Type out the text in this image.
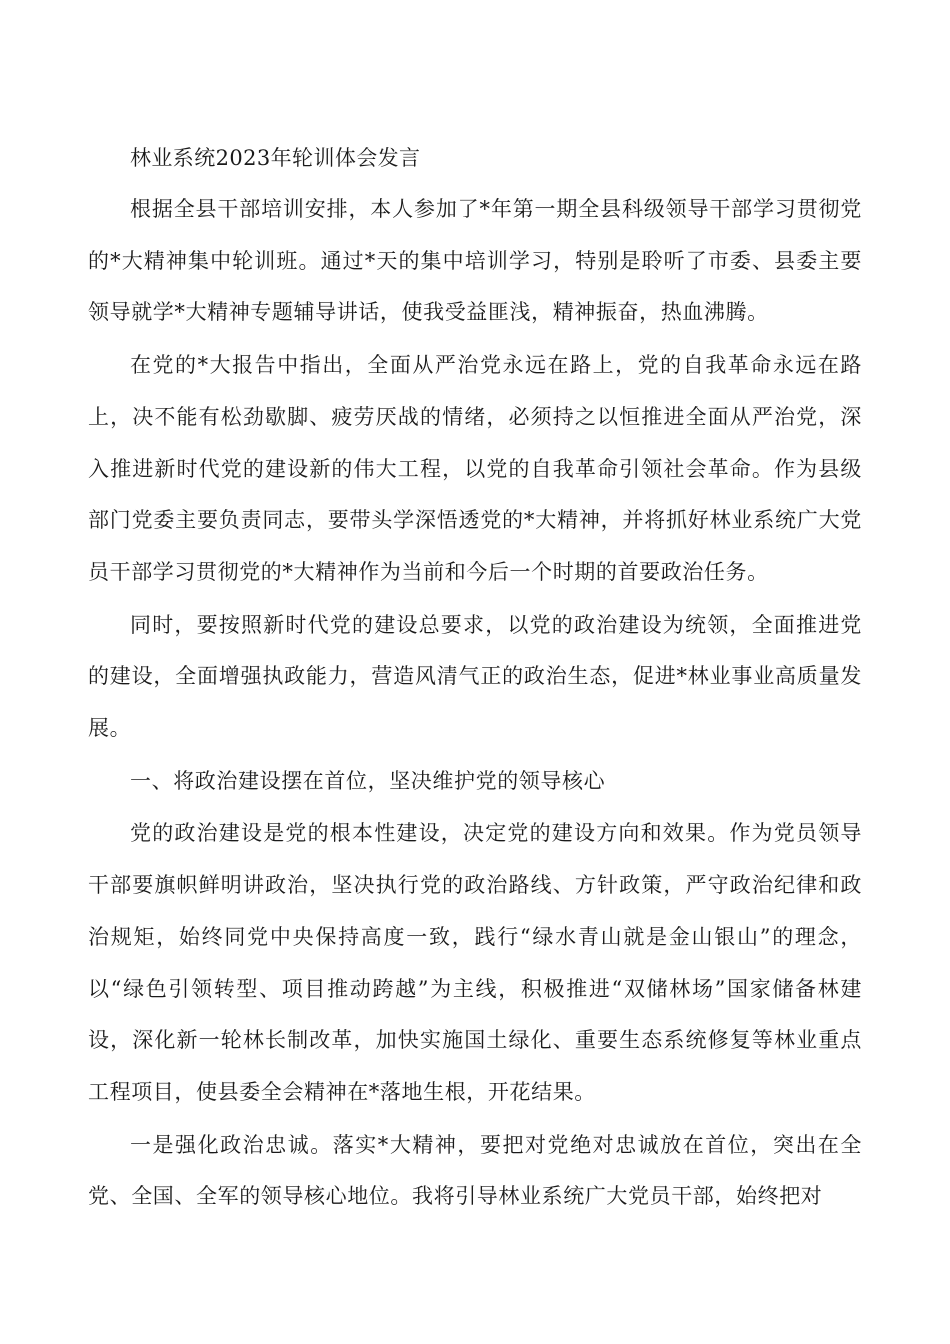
林业系统2023年轮训体会发言

根据全县干部培训安排，本人参加了*年第一期全县科级领导干部学习贯彻党的*大精神集中轮训班。通过*天的集中培训学习，特别是聆听了市委、县委主要领导就学*大精神专题辅导讲话，使我受益匪浅，精神振奋，热血沸腾。

在党的*大报告中指出，全面从严治党永远在路上，党的自我革命永远在路上，决不能有松劲歇脚、疲劳厌战的情绪，必须持之以恒推进全面从严治党，深入推进新时代党的建设新的伟大工程，以党的自我革命引领社会革命。作为县级部门党委主要负责同志，要带头学深悟透党的*大精神，并将抓好林业系统广大党员干部学习贯彻党的*大精神作为当前和今后一个时期的首要政治任务。

同时，要按照新时代党的建设总要求，以党的政治建设为统领，全面推进党的建设，全面增强执政能力，营造风清气正的政治生态，促进*林业事业高质量发展。

一、将政治建设摆在首位，坚决维护党的领导核心

党的政治建设是党的根本性建设，决定党的建设方向和效果。作为党员领导干部要旗帜鲜明讲政治，坚决执行党的政治路线、方针政策，严守政治纪律和政治规矩，始终同党中央保持高度一致，践行“绿水青山就是金山银山”的理念，以“绿色引领转型、项目推动跨越”为主线，积极推进“双储林场”国家储备林建设，深化新一轮林长制改革，加快实施国土绿化、重要生态系统修复等林业重点工程项目，使县委全会精神在*落地生根，开花结果。

一是强化政治忠诚。落实*大精神，要把对党绝对忠诚放在首位，突出在全党、全国、全军的领导核心地位。我将引导林业系统广大党员干部，始终把对
